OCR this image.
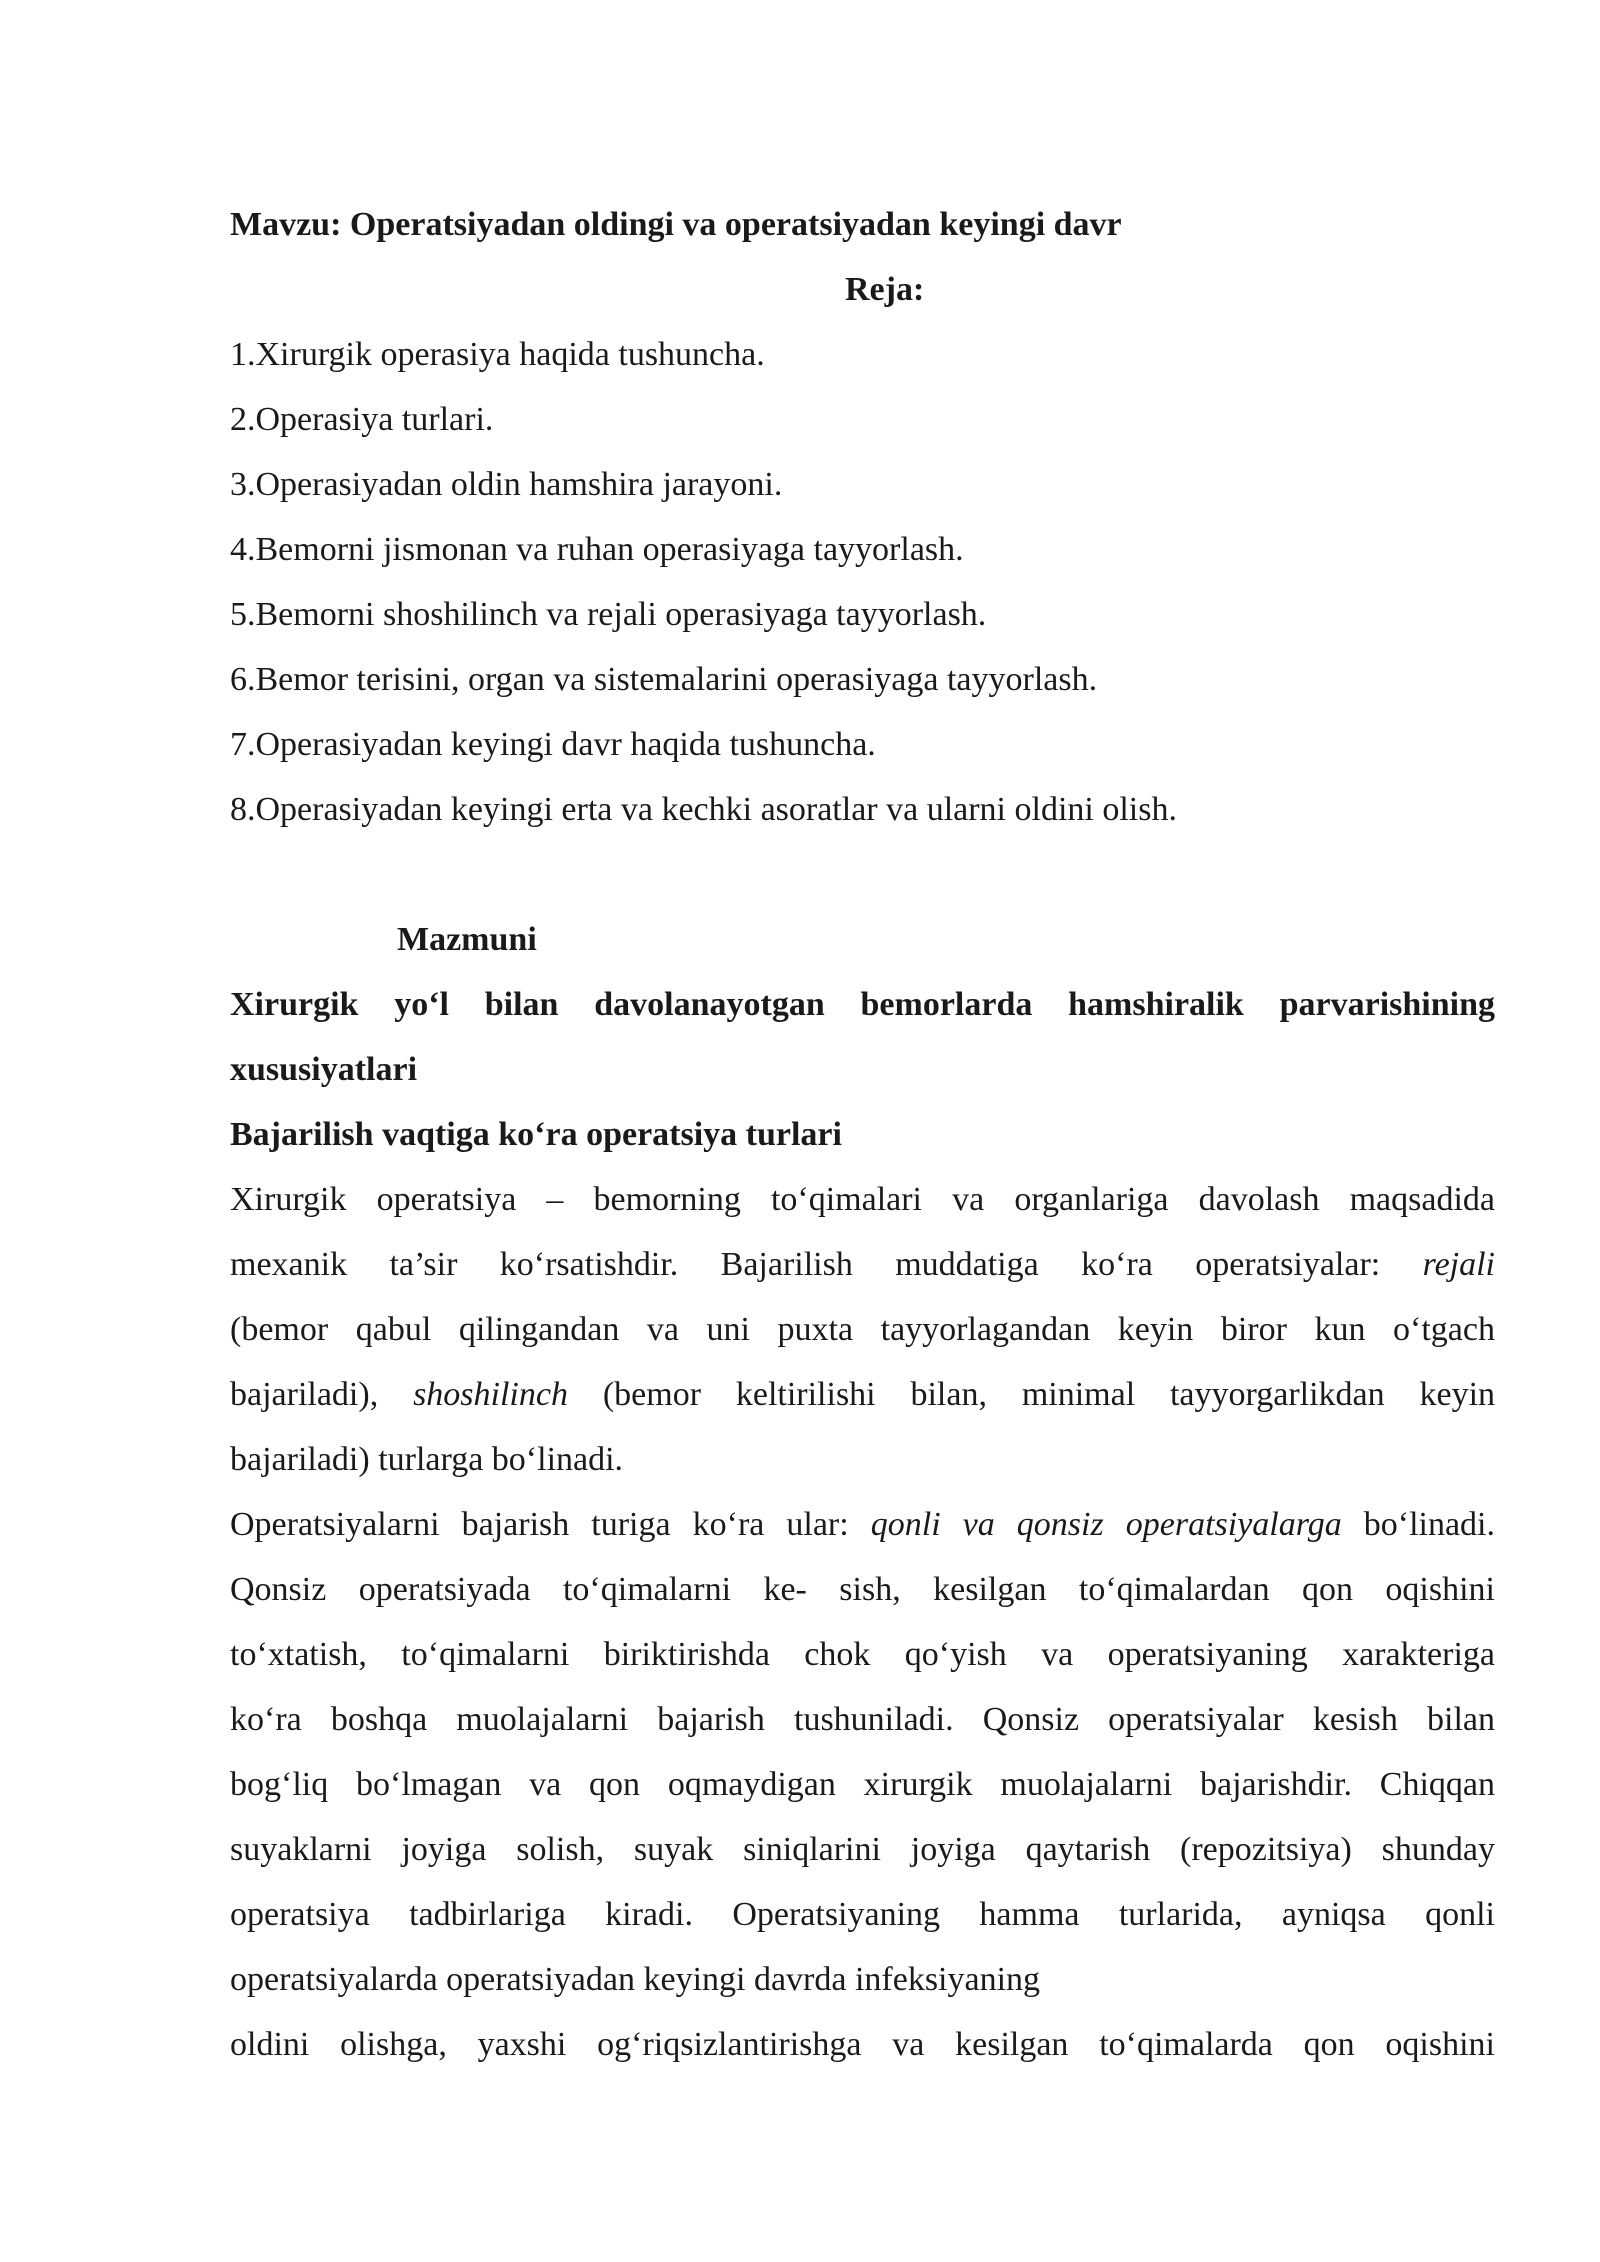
Mavzu: Operatsiyadan oldingi va operatsiyadan keyingi davr
Reja:
1.Xirurgik operasiya haqida tushuncha.
2.Operasiya turlari.
3.Operasiyadan oldin hamshira jarayoni.
4.Bemorni jismonan va ruhan operasiyaga tayyorlash.
5.Bemorni shoshilinch va rejali operasiyaga tayyorlash.
6.Bemor terisini, organ va sistemalarini operasiyaga tayyorlash.
7.Operasiyadan keyingi davr haqida tushuncha.
8.Operasiyadan keyingi erta va kechki asoratlar va ularni oldini olish.
Mazmuni
Xirurgik yo‘l bilan davolanayotgan bemorlarda hamshiralik parvarishining
xususiyatlari
Bajarilish vaqtiga ko‘ra operatsiya turlari
Xirurgik operatsiya – bemorning to‘qimalari va organlariga davolash maqsadida
mexanik ta’sir ko‘rsatishdir. Bajarilish muddatiga ko‘ra operatsiyalar: rejali
(bemor qabul qilingandan va uni puxta tayyorlagandan keyin biror kun o‘tgach
bajariladi), shoshilinch (bemor keltirilishi bilan, minimal tayyorgarlikdan keyin
bajariladi) turlarga bo‘linadi.
Operatsiyalarni bajarish turiga ko‘ra ular: qonli va qonsiz operatsiyalarga bo‘linadi.
Qonsiz operatsiyada to‘qimalarni ke- sish, kesilgan to‘qimalardan qon oqishini
to‘xtatish, to‘qimalarni biriktirishda chok qo‘yish va operatsiyaning xarakteriga
ko‘ra boshqa muolajalarni bajarish tushuniladi. Qonsiz operatsiyalar kesish bilan
bog‘liq bo‘lmagan va qon oqmaydigan xirurgik muolajalarni bajarishdir. Chiqqan
suyaklarni joyiga solish, suyak siniqlarini joyiga qaytarish (repozitsiya) shunday
operatsiya tadbirlariga kiradi. Operatsiyaning hamma turlarida, ayniqsa qonli
operatsiyalarda operatsiyadan keyingi davrda infeksiyaning
oldini olishga, yaxshi og‘riqsizlantirishga va kesilgan to‘qimalarda qon oqishini
